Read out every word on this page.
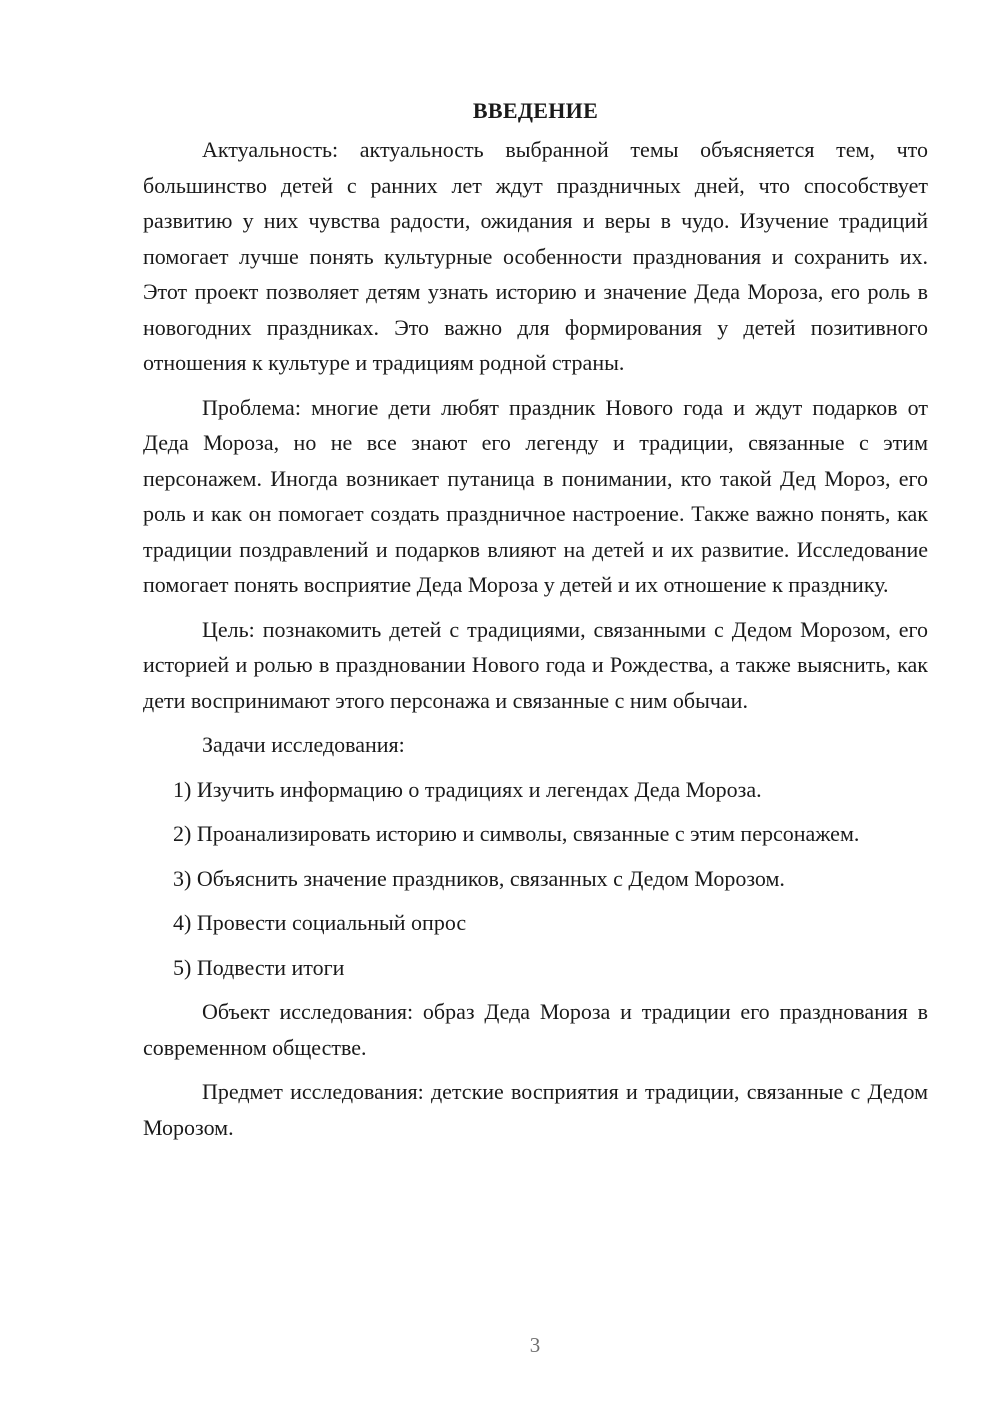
ВВЕДЕНИЕ

Актуальность: актуальность выбранной темы объясняется тем, что большинство детей с ранних лет ждут праздничных дней, что способствует развитию у них чувства радости, ожидания и веры в чудо. Изучение традиций помогает лучше понять культурные особенности празднования и сохранить их. Этот проект позволяет детям узнать историю и значение Деда Мороза, его роль в новогодних праздниках. Это важно для формирования у детей позитивного отношения к культуре и традициям родной страны.

Проблема: многие дети любят праздник Нового года и ждут подарков от Деда Мороза, но не все знают его легенду и традиции, связанные с этим персонажем. Иногда возникает путаница в понимании, кто такой Дед Мороз, его роль и как он помогает создать праздничное настроение. Также важно понять, как традиции поздравлений и подарков влияют на детей и их развитие. Исследование помогает понять восприятие Деда Мороза у детей и их отношение к празднику.

Цель: познакомить детей с традициями, связанными с Дедом Морозом, его историей и ролью в праздновании Нового года и Рождества, а также выяснить, как дети воспринимают этого персонажа и связанные с ним обычаи.

Задачи исследования:

1) Изучить информацию о традициях и легендах Деда Мороза.

2) Проанализировать историю и символы, связанные с этим персонажем.

3) Объяснить значение праздников, связанных с Дедом Морозом.

4) Провести социальный опрос

5) Подвести итоги

Объект исследования: образ Деда Мороза и традиции его празднования в современном обществе.

Предмет исследования: детские восприятия и традиции, связанные с Дедом Морозом.

3
